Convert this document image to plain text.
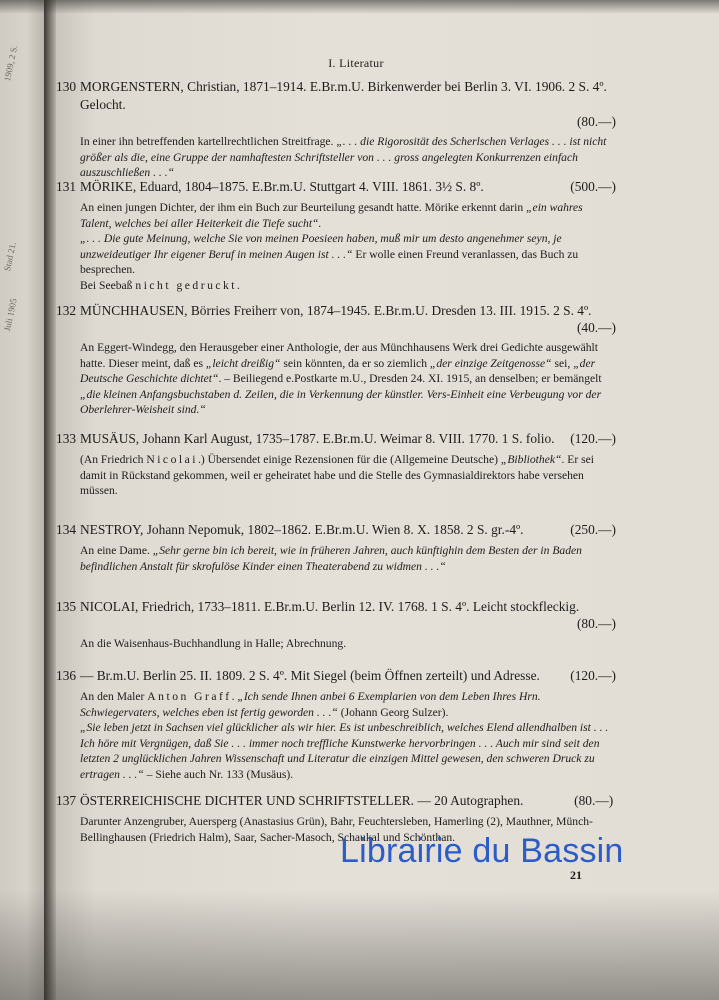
1909, 2 S.
Stad 21.
Juli 1905
I. Literatur
130 MORGENSTERN, Christian, 1871–1914. E.Br.m.U. Birkenwerder bei Berlin 3. VI. 1906. 2 S. 4º. Gelocht.
(80.—)
In einer ihn betreffenden kartellrechtlichen Streitfrage. „. . . die Rigorosität des Scherlschen Verlages . . . ist nicht größer als die, eine Gruppe der namhaftesten Schriftsteller von . . . gross angelegten Konkurrenzen einfach auszuschließen . . .“
(500.—)
131 MÖRIKE, Eduard, 1804–1875. E.Br.m.U. Stuttgart 4. VIII. 1861. 3½ S. 8º.
An einen jungen Dichter, der ihm ein Buch zur Beurteilung gesandt hatte. Mörike erkennt darin „ein wahres Talent, welches bei aller Heiterkeit die Tiefe sucht“.
„. . . Die gute Meinung, welche Sie von meinen Poesieen haben, muß mir um desto angenehmer seyn, je unzweideutiger Ihr eigener Beruf in meinen Augen ist . . .“ Er wolle einen Freund veranlassen, das Buch zu besprechen.
Bei Seebaß nicht gedruckt.
132 MÜNCHHAUSEN, Börries Freiherr von, 1874–1945. E.Br.m.U. Dresden 13. III. 1915. 2 S. 4º.
(40.—)
An Eggert-Windegg, den Herausgeber einer Anthologie, der aus Münchhausens Werk drei Gedichte ausgewählt hatte. Dieser meint, daß es „leicht dreißig“ sein könnten, da er so ziemlich „der einzige Zeitgenosse“ sei, „der Deutsche Geschichte dichtet“. – Beiliegend e.Postkarte m.U., Dresden 24. XI. 1915, an denselben; er bemängelt „die kleinen Anfangsbuchstaben d. Zeilen, die in Verkennung der künstler. Vers-Einheit eine Verbeugung vor der Oberlehrer-Weisheit sind.“
(120.—)
133 MUSÄUS, Johann Karl August, 1735–1787. E.Br.m.U. Weimar 8. VIII. 1770. 1 S. folio.
(An Friedrich Nicolai.) Übersendet einige Rezensionen für die (Allgemeine Deutsche) „Bibliothek“. Er sei damit in Rückstand gekommen, weil er geheiratet habe und die Stelle des Gymnasialdirektors habe versehen müssen.
(250.—)
134 NESTROY, Johann Nepomuk, 1802–1862. E.Br.m.U. Wien 8. X. 1858. 2 S. gr.-4º.
An eine Dame. „Sehr gerne bin ich bereit, wie in früheren Jahren, auch künftighin dem Besten der in Baden befindlichen Anstalt für skrofulöse Kinder einen Theaterabend zu widmen . . .“
135 NICOLAI, Friedrich, 1733–1811. E.Br.m.U. Berlin 12. IV. 1768. 1 S. 4º. Leicht stockfleckig.
(80.—)
An die Waisenhaus-Buchhandlung in Halle; Abrechnung.
(120.—)
136 — Br.m.U. Berlin 25. II. 1809. 2 S. 4º. Mit Siegel (beim Öffnen zerteilt) und Adresse.
An den Maler Anton Graff. „Ich sende Ihnen anbei 6 Exemplarien von dem Leben Ihres Hrn. Schwiegervaters, welches eben ist fertig geworden . . .“ (Johann Georg Sulzer).
„Sie leben jetzt in Sachsen viel glücklicher als wir hier. Es ist unbeschreiblich, welches Elend allendhalben ist . . . Ich höre mit Vergnügen, daß Sie . . . immer noch treffliche Kunstwerke hervorbringen . . . Auch mir sind seit den letzten 2 unglücklichen Jahren Wissenschaft und Literatur die einzigen Mittel gewesen, den schweren Druck zu ertragen . . .“ – Siehe auch Nr. 133 (Musäus).
(80.—)
137 ÖSTERREICHISCHE DICHTER UND SCHRIFTSTELLER. — 20 Autographen.
Darunter Anzengruber, Auersperg (Anastasius Grün), Bahr, Feuchtersleben, Hamerling (2), Mauthner, Münch-Bellinghausen (Friedrich Halm), Saar, Sacher-Masoch, Schaukal und Schönthan.
Librairie du Bassin
21
